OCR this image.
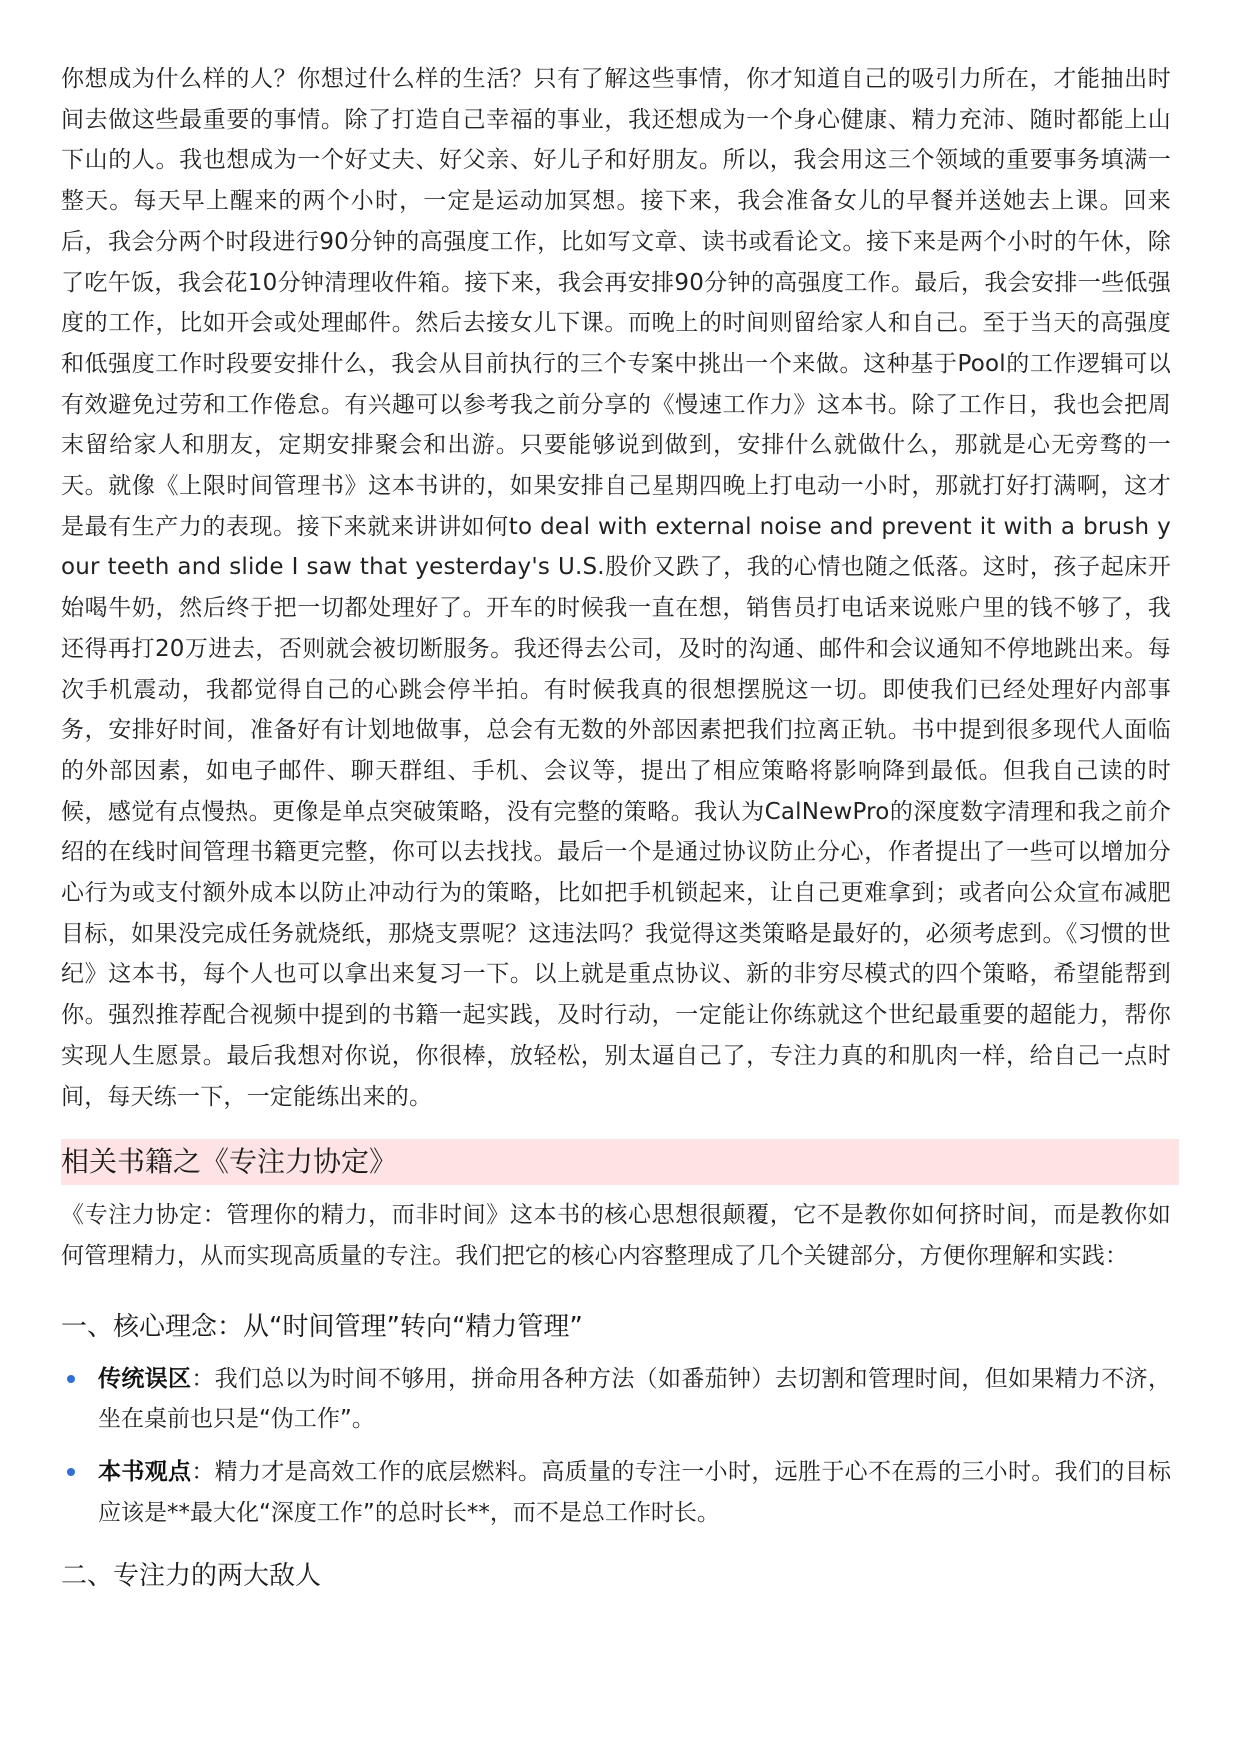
你想成为什么样的人？你想过什么样的生活？只有了解这些事情，你才知道自己的吸引力所在，才能抽出时间去做这些最重要的事情。除了打造自己幸福的事业，我还想成为一个身心健康、精力充沛、随时都能上山下山的人。我也想成为一个好丈夫、好父亲、好儿子和好朋友。所以，我会用这三个领域的重要事务填满一整天。每天早上醒来的两个小时，一定是运动加冥想。接下来，我会准备女儿的早餐并送她去上课。回来后，我会分两个时段进行90分钟的高强度工作，比如写文章、读书或看论文。接下来是两个小时的午休，除了吃午饭，我会花10分钟清理收件箱。接下来，我会再安排90分钟的高强度工作。最后，我会安排一些低强度的工作，比如开会或处理邮件。然后去接女儿下课。而晚上的时间则留给家人和自己。至于当天的高强度和低强度工作时段要安排什么，我会从目前执行的三个专案中挑出一个来做。这种基于Pool的工作逻辑可以有效避免过劳和工作倦怠。有兴趣可以参考我之前分享的《慢速工作力》这本书。除了工作日，我也会把周末留给家人和朋友，定期安排聚会和出游。只要能够说到做到，安排什么就做什么，那就是心无旁骛的一天。就像《上限时间管理书》这本书讲的，如果安排自己星期四晚上打电动一小时，那就打好打满啊，这才是最有生产力的表现。接下来就来讲讲如何to deal with external noise and prevent it with a brush your teeth and slide I saw that yesterday's U.S.股价又跌了，我的心情也随之低落。这时，孩子起床开始喝牛奶，然后终于把一切都处理好了。开车的时候我一直在想，销售员打电话来说账户里的钱不够了，我还得再打20万进去，否则就会被切断服务。我还得去公司，及时的沟通、邮件和会议通知不停地跳出来。每次手机震动，我都觉得自己的心跳会停半拍。有时候我真的很想摆脱这一切。即使我们已经处理好内部事务，安排好时间，准备好有计划地做事，总会有无数的外部因素把我们拉离正轨。书中提到很多现代人面临的外部因素，如电子邮件、聊天群组、手机、会议等，提出了相应策略将影响降到最低。但我自己读的时候，感觉有点慢热。更像是单点突破策略，没有完整的策略。我认为CalNewPro的深度数字清理和我之前介绍的在线时间管理书籍更完整，你可以去找找。最后一个是通过协议防止分心，作者提出了一些可以增加分心行为或支付额外成本以防止冲动行为的策略，比如把手机锁起来，让自己更难拿到；或者向公众宣布减肥目标，如果没完成任务就烧纸，那烧支票呢？这违法吗？我觉得这类策略是最好的，必须考虑到。《习惯的世纪》这本书，每个人也可以拿出来复习一下。以上就是重点协议、新的非穷尽模式的四个策略，希望能帮到你。强烈推荐配合视频中提到的书籍一起实践，及时行动，一定能让你练就这个世纪最重要的超能力，帮你实现人生愿景。最后我想对你说，你很棒，放轻松，别太逼自己了，专注力真的和肌肉一样，给自己一点时间，每天练一下，一定能练出来的。

相关书籍之《专注力协定》

《专注力协定：管理你的精力，而非时间》这本书的核心思想很颠覆，它不是教你如何挤时间，而是教你如何管理精力，从而实现高质量的专注。我们把它的核心内容整理成了几个关键部分，方便你理解和实践：

一、核心理念：从“时间管理”转向“精力管理”
传统误区：我们总以为时间不够用，拼命用各种方法（如番茄钟）去切割和管理时间，但如果精力不济，坐在桌前也只是“伪工作”。
本书观点：精力才是高效工作的底层燃料。高质量的专注一小时，远胜于心不在焉的三小时。我们的目标应该是**最大化“深度工作”的总时长**，而不是总工作时长。
二、专注力的两大敌人
